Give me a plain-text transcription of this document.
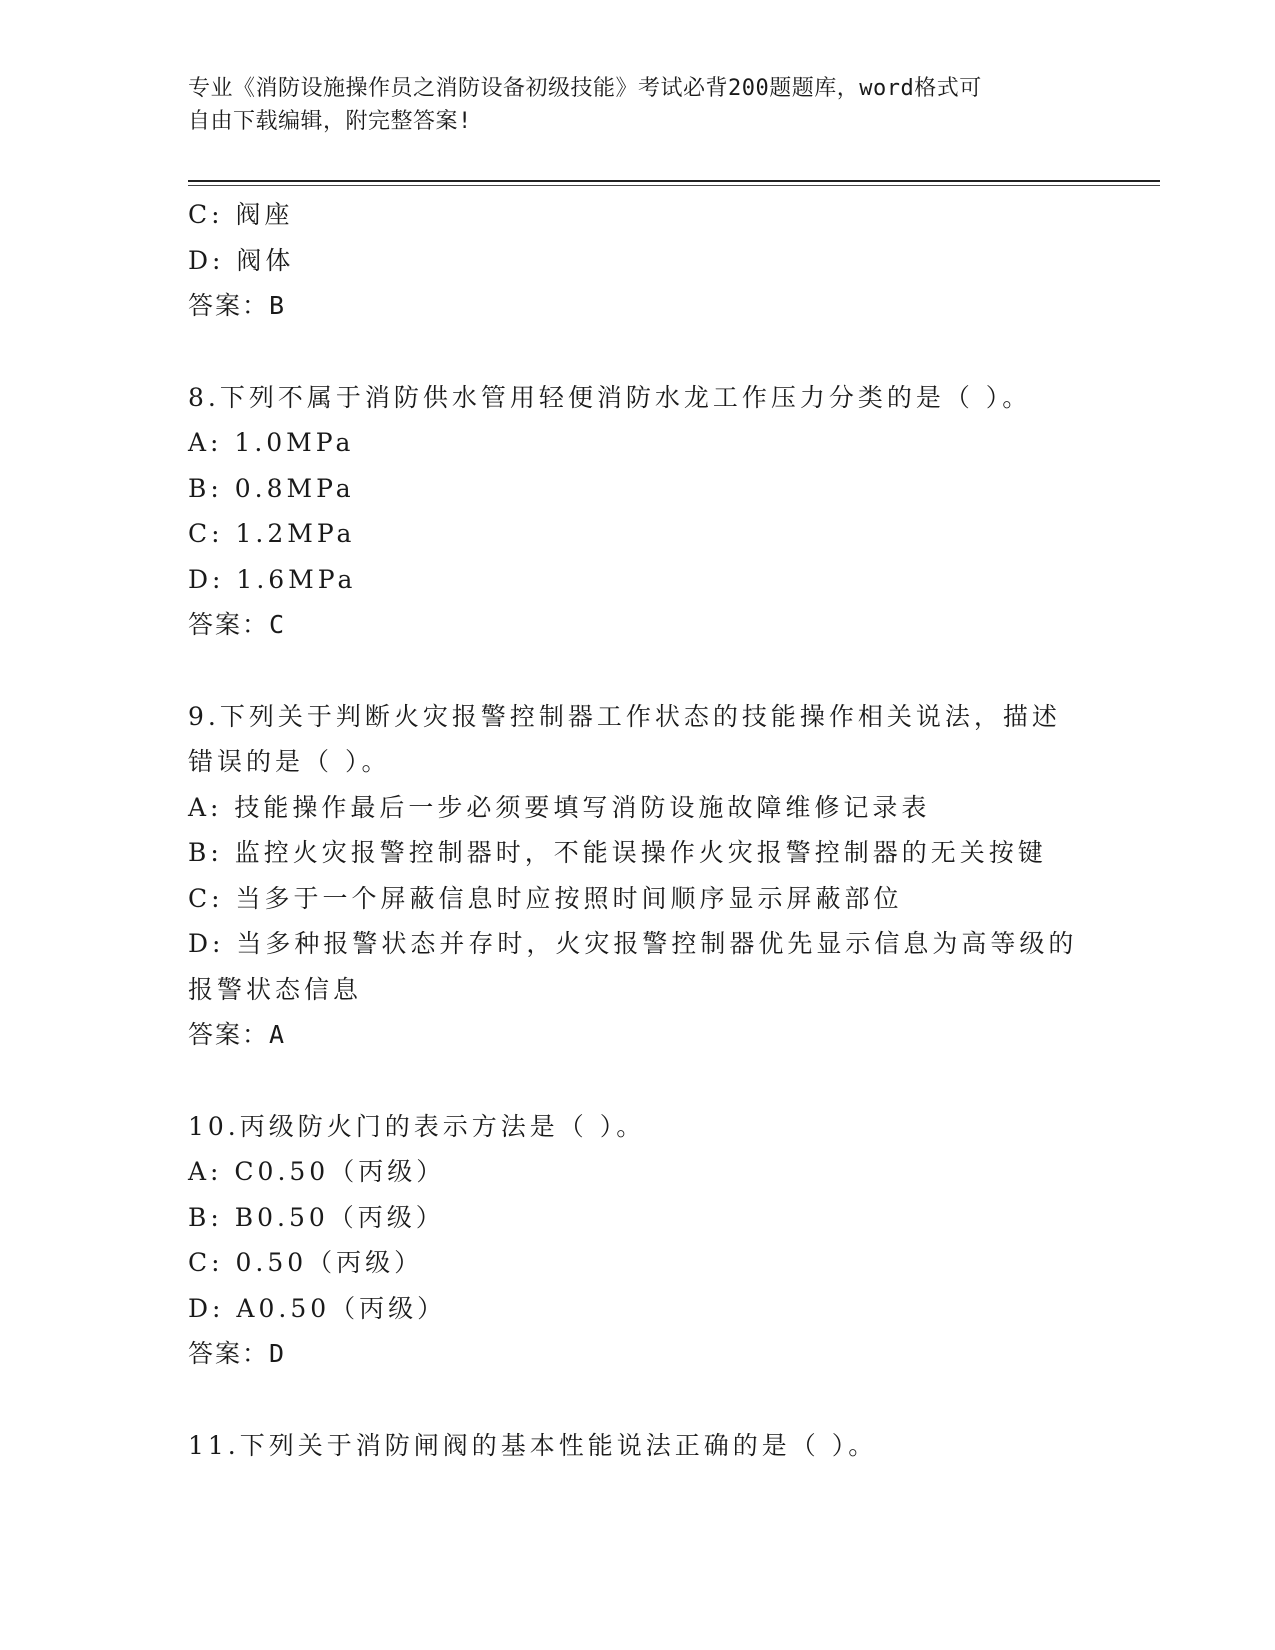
专业《消防设施操作员之消防设备初级技能》考试必背200题题库，word格式可
自由下载编辑，附完整答案!
C: 阀座
D: 阀体
答案：B
8.下列不属于消防供水管用轻便消防水龙工作压力分类的是（ ）。
A: 1.0MPa
B: 0.8MPa
C: 1.2MPa
D: 1.6MPa
答案：C
9.下列关于判断火灾报警控制器工作状态的技能操作相关说法，描述
错误的是（ ）。
A: 技能操作最后一步必须要填写消防设施故障维修记录表
B: 监控火灾报警控制器时，不能误操作火灾报警控制器的无关按键
C: 当多于一个屏蔽信息时应按照时间顺序显示屏蔽部位
D: 当多种报警状态并存时，火灾报警控制器优先显示信息为高等级的
报警状态信息
答案：A
10.丙级防火门的表示方法是（ ）。
A: C0.50（丙级）
B: B0.50（丙级）
C: 0.50（丙级）
D: A0.50（丙级）
答案：D
11.下列关于消防闸阀的基本性能说法正确的是（ ）。
